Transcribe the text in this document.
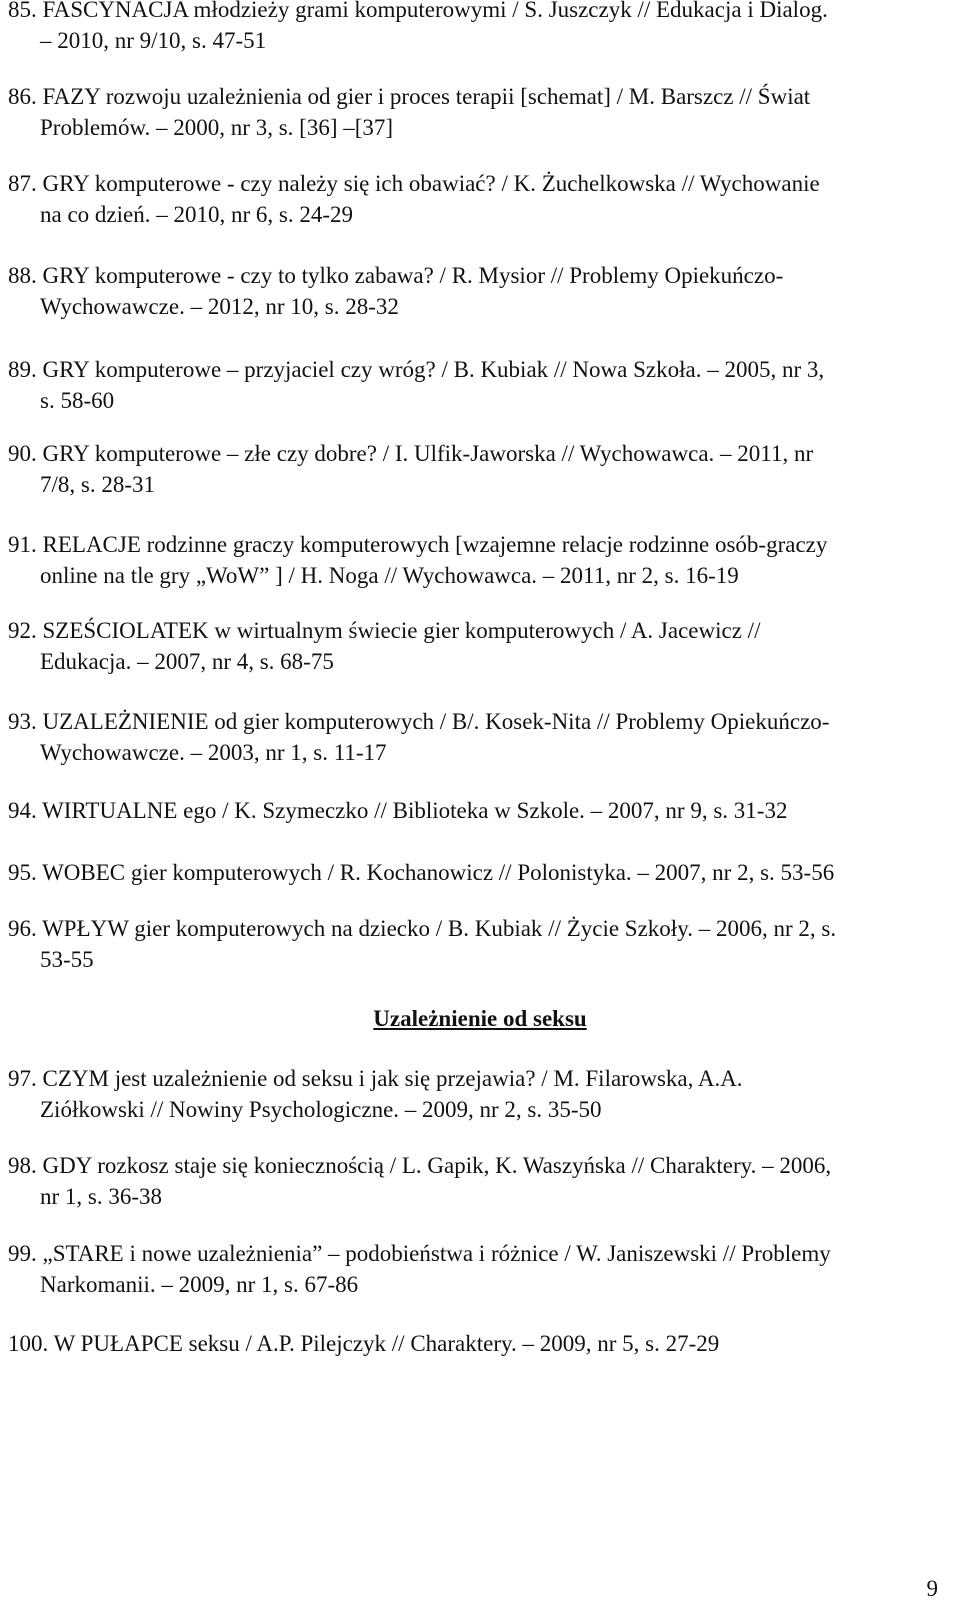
85. FASCYNACJA młodzieży grami komputerowymi / S. Juszczyk // Edukacja i Dialog.
– 2010, nr 9/10, s. 47-51
86. FAZY rozwoju uzależnienia od gier i proces terapii [schemat] / M. Barszcz // Świat
Problemów. – 2000, nr 3, s. [36] –[37]
87. GRY komputerowe - czy należy się ich obawiać? / K. Żuchelkowska // Wychowanie
na co dzień. – 2010, nr 6, s. 24-29
88. GRY komputerowe - czy to tylko zabawa? / R. Mysior // Problemy Opiekuńczo-
Wychowawcze. – 2012, nr 10, s. 28-32
89. GRY komputerowe – przyjaciel czy wróg? / B. Kubiak // Nowa Szkoła. – 2005, nr 3,
s. 58-60
90. GRY komputerowe – złe czy dobre? / I. Ulfik-Jaworska // Wychowawca. – 2011, nr
7/8, s. 28-31
91. RELACJE rodzinne graczy komputerowych [wzajemne relacje rodzinne osób-graczy
online na tle gry „WoW” ] / H. Noga // Wychowawca. – 2011, nr 2, s. 16-19
92. SZEŚCIOLATEK w wirtualnym świecie gier komputerowych / A. Jacewicz //
Edukacja. – 2007, nr 4, s. 68-75
93. UZALEŻNIENIE od gier komputerowych / B/. Kosek-Nita // Problemy Opiekuńczo-
Wychowawcze. – 2003, nr 1, s. 11-17
94. WIRTUALNE ego / K. Szymeczko // Biblioteka w Szkole. – 2007, nr 9, s. 31-32
95. WOBEC gier komputerowych / R. Kochanowicz // Polonistyka. – 2007, nr 2, s. 53-56
96. WPŁYW gier komputerowych na dziecko / B. Kubiak // Życie Szkoły. – 2006, nr 2, s.
53-55
Uzależnienie od seksu
97. CZYM jest uzależnienie od seksu i jak się przejawia? / M. Filarowska, A.A.
Ziółkowski // Nowiny Psychologiczne. – 2009, nr 2, s. 35-50
98. GDY rozkosz staje się koniecznością / L. Gapik, K. Waszyńska // Charaktery. – 2006,
nr 1, s. 36-38
99. „STARE i nowe uzależnienia” – podobieństwa i różnice / W. Janiszewski // Problemy
Narkomanii. – 2009, nr 1, s. 67-86
100. W PUŁAPCE seksu / A.P. Pilejczyk // Charaktery. – 2009, nr 5, s. 27-29
9
